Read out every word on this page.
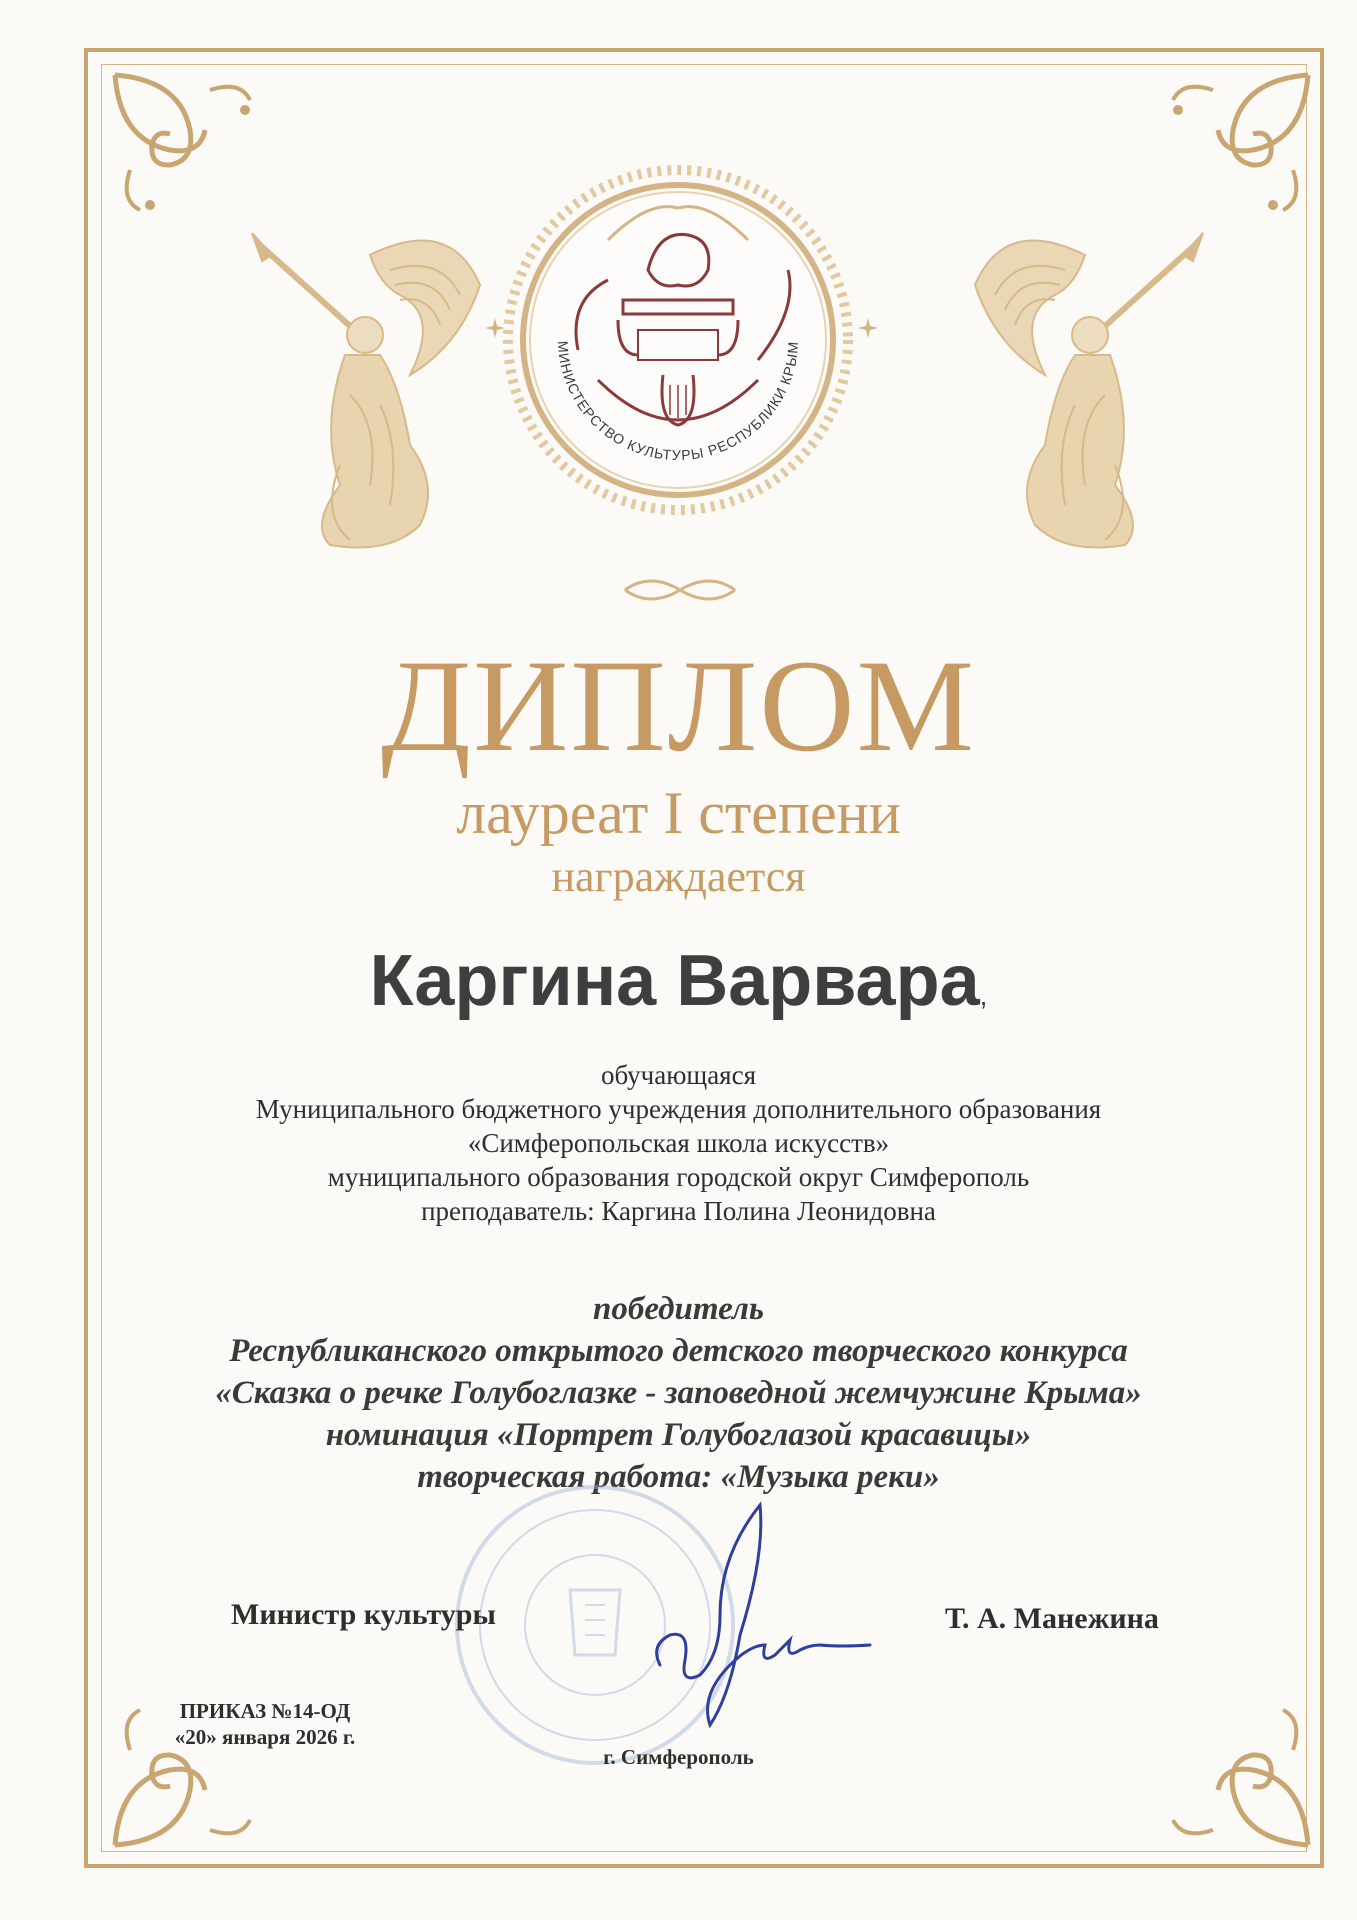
МИНИСТЕРСТВО КУЛЬТУРЫ РЕСПУБЛИКИ КРЫМ
ДИПЛОМ
лауреат I степени
награждается
Каргина Варвара,
обучающаяся
Муниципального бюджетного учреждения дополнительного образования
«Симферопольская школа искусств»
муниципального образования городской округ Симферополь
преподаватель: Каргина Полина Леонидовна
победитель
Республиканского открытого детского творческого конкурса
«Сказка о речке Голубоглазке - заповедной жемчужине Крыма»
номинация «Портрет Голубоглазой красавицы»
творческая работа: «Музыка реки»
Министр культуры	Т. А. Манежина
ПРИКАЗ №14-ОД
«20» января 2026 г.
г. Симферополь
